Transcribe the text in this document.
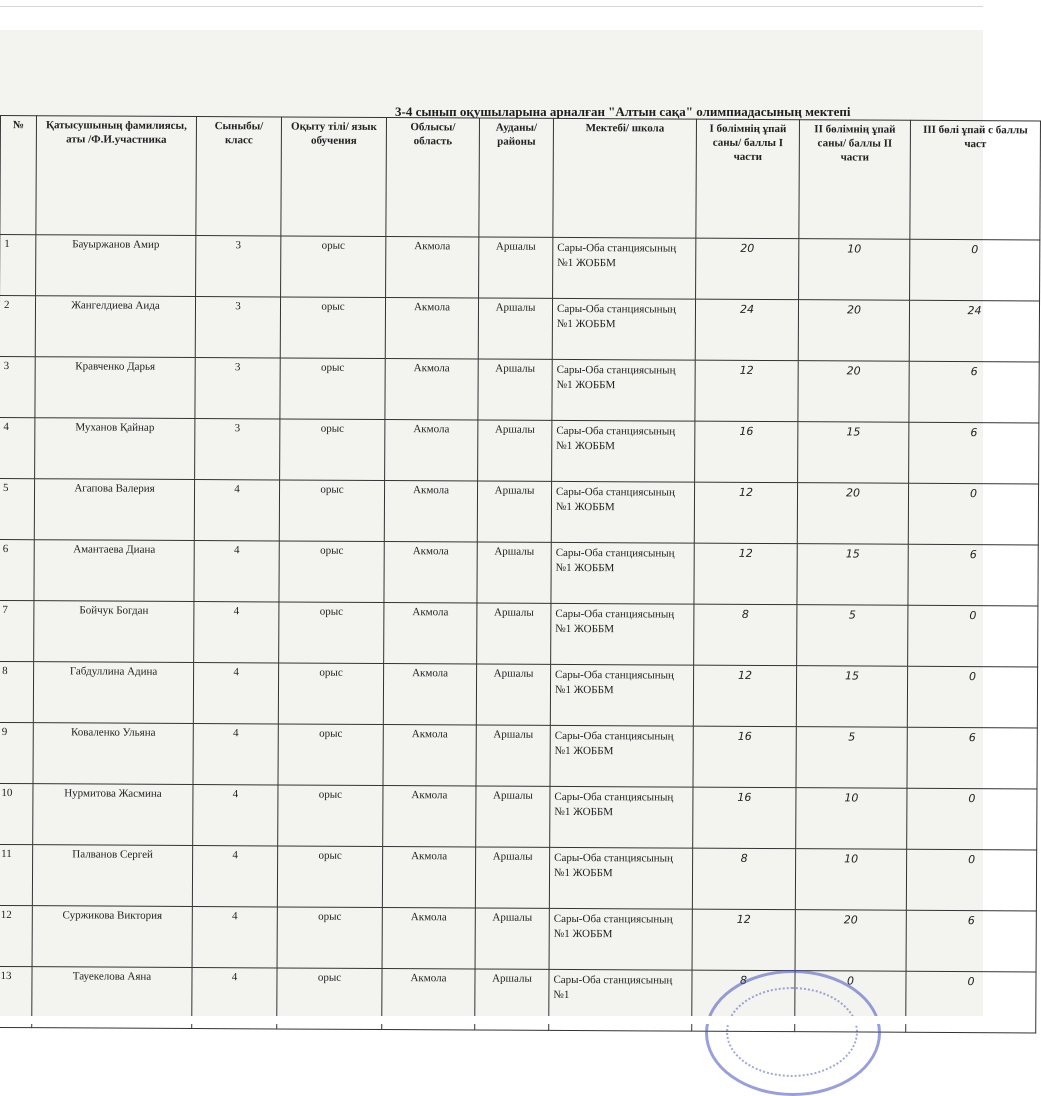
3-4 сынып оқушыларына арналған "Алтын сақа" олимпиадасының мектепі
№	Қатысушының фамилиясы, аты /Ф.И.участника	Сыныбы/класс	Оқыту тілі/ язык обучения	Облысы/ область	Ауданы/ районы	Мектебі/ школа	I бөлімнің ұпай саны/ баллы I части	II бөлімнің ұпай саны/ баллы II части	III бөлі ұпай с баллы част
1	Бауыржанов Амир	3	орыс	Акмола	Аршалы	Сары-Оба станциясының №1 ЖОББМ	20	10	0
2	Жангелдиева Аида	3	орыс	Акмола	Аршалы	Сары-Оба станциясының №1 ЖОББМ	24	20	24
3	Кравченко Дарья	3	орыс	Акмола	Аршалы	Сары-Оба станциясының №1 ЖОББМ	12	20	6
4	Муханов Қайнар	3	орыс	Акмола	Аршалы	Сары-Оба станциясының №1 ЖОББМ	16	15	6
5	Агапова Валерия	4	орыс	Акмола	Аршалы	Сары-Оба станциясының №1 ЖОББМ	12	20	0
6	Амантаева Диана	4	орыс	Акмола	Аршалы	Сары-Оба станциясының №1 ЖОББМ	12	15	6
7	Бойчук Богдан	4	орыс	Акмола	Аршалы	Сары-Оба станциясының №1 ЖОББМ	8	5	0
8	Габдуллина Адина	4	орыс	Акмола	Аршалы	Сары-Оба станциясының №1 ЖОББМ	12	15	0
9	Коваленко Ульяна	4	орыс	Акмола	Аршалы	Сары-Оба станциясының №1 ЖОББМ	16	5	6
10	Нурмитова Жасмина	4	орыс	Акмола	Аршалы	Сары-Оба станциясының №1 ЖОББМ	16	10	0
11	Палванов Сергей	4	орыс	Акмола	Аршалы	Сары-Оба станциясының №1 ЖОББМ	8	10	0
12	Суржикова Виктория	4	орыс	Акмола	Аршалы	Сары-Оба станциясының №1 ЖОББМ	12	20	6
13	Тауекелова Аяна	4	орыс	Акмола	Аршалы	Сары-Оба станциясының №1	8	0	0
